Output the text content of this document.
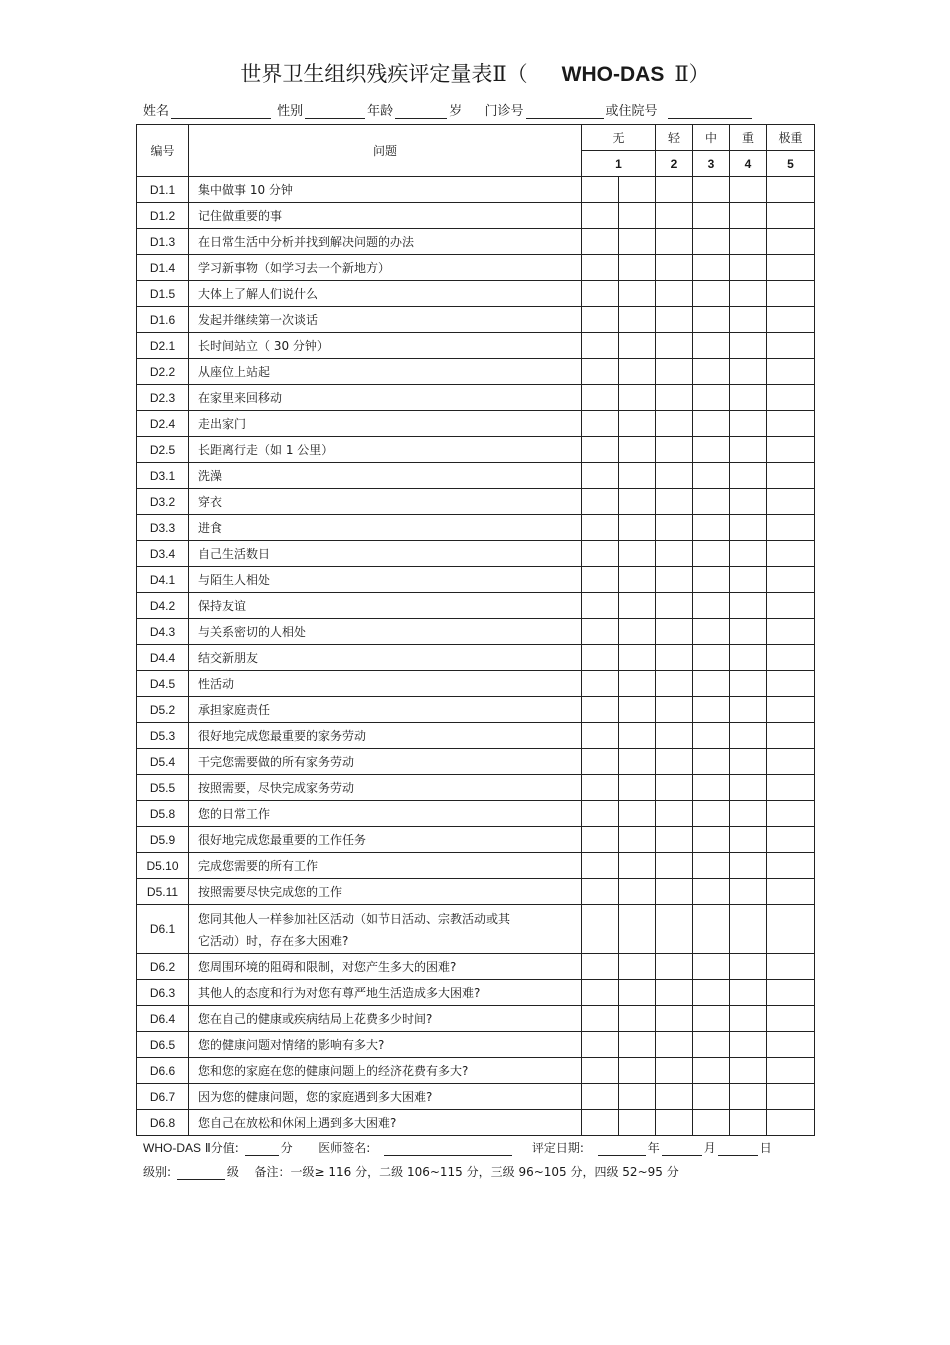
世界卫生组织残疾评定量表Ⅱ（ WHO-DAS Ⅱ）
姓名	性别	年龄	岁 门诊号	或住院号
编号	问题	无		轻	中	重	极重
		1		2	3	4	5
D1.1	集中做事 10 分钟						
D1.2	记住做重要的事						
D1.3	在日常生活中分析并找到解决问题的办法						
D1.4	学习新事物（如学习去一个新地方）						
D1.5	大体上了解人们说什么						
D1.6	发起并继续第一次谈话						
D2.1	长时间站立（ 30 分钟）						
D2.2	从座位上站起						
D2.3	在家里来回移动						
D2.4	走出家门						
D2.5	长距离行走（如 1 公里）						
D3.1	洗澡						
D3.2	穿衣						
D3.3	进食						
D3.4	自己生活数日						
D4.1	与陌生人相处						
D4.2	保持友谊						
D4.3	与关系密切的人相处						
D4.4	结交新朋友						
D4.5	性活动						
D5.2	承担家庭责任						
D5.3	很好地完成您最重要的家务劳动						
D5.4	干完您需要做的所有家务劳动						
D5.5	按照需要，尽快完成家务劳动						
D5.8	您的日常工作						
D5.9	很好地完成您最重要的工作任务						
D5.10	完成您需要的所有工作						
D5.11	按照需要尽快完成您的工作						
D6.1	您同其他人一样参加社区活动（如节日活动、宗教活动或其
它活动）时，存在多大困难?						

D6.2	您周围环境的阻碍和限制，对您产生多大的困难?						
D6.3	其他人的态度和行为对您有尊严地生活造成多大困难?						
D6.4	您在自己的健康或疾病结局上花费多少时间?						
D6.5	您的健康问题对情绪的影响有多大?						
D6.6	您和您的家庭在您的健康问题上的经济花费有多大?						
D6.7	因为您的健康问题，您的家庭遇到多大困难?						
D6.8	您自己在放松和休闲上遇到多大困难?						
WHO-DAS Ⅱ分值:	分 医师签名:	评定日期:	年	月	日
级别:	级 备注：一级≥ 116 分，二级 106~115 分，三级 96~105 分，四级 52~95 分
